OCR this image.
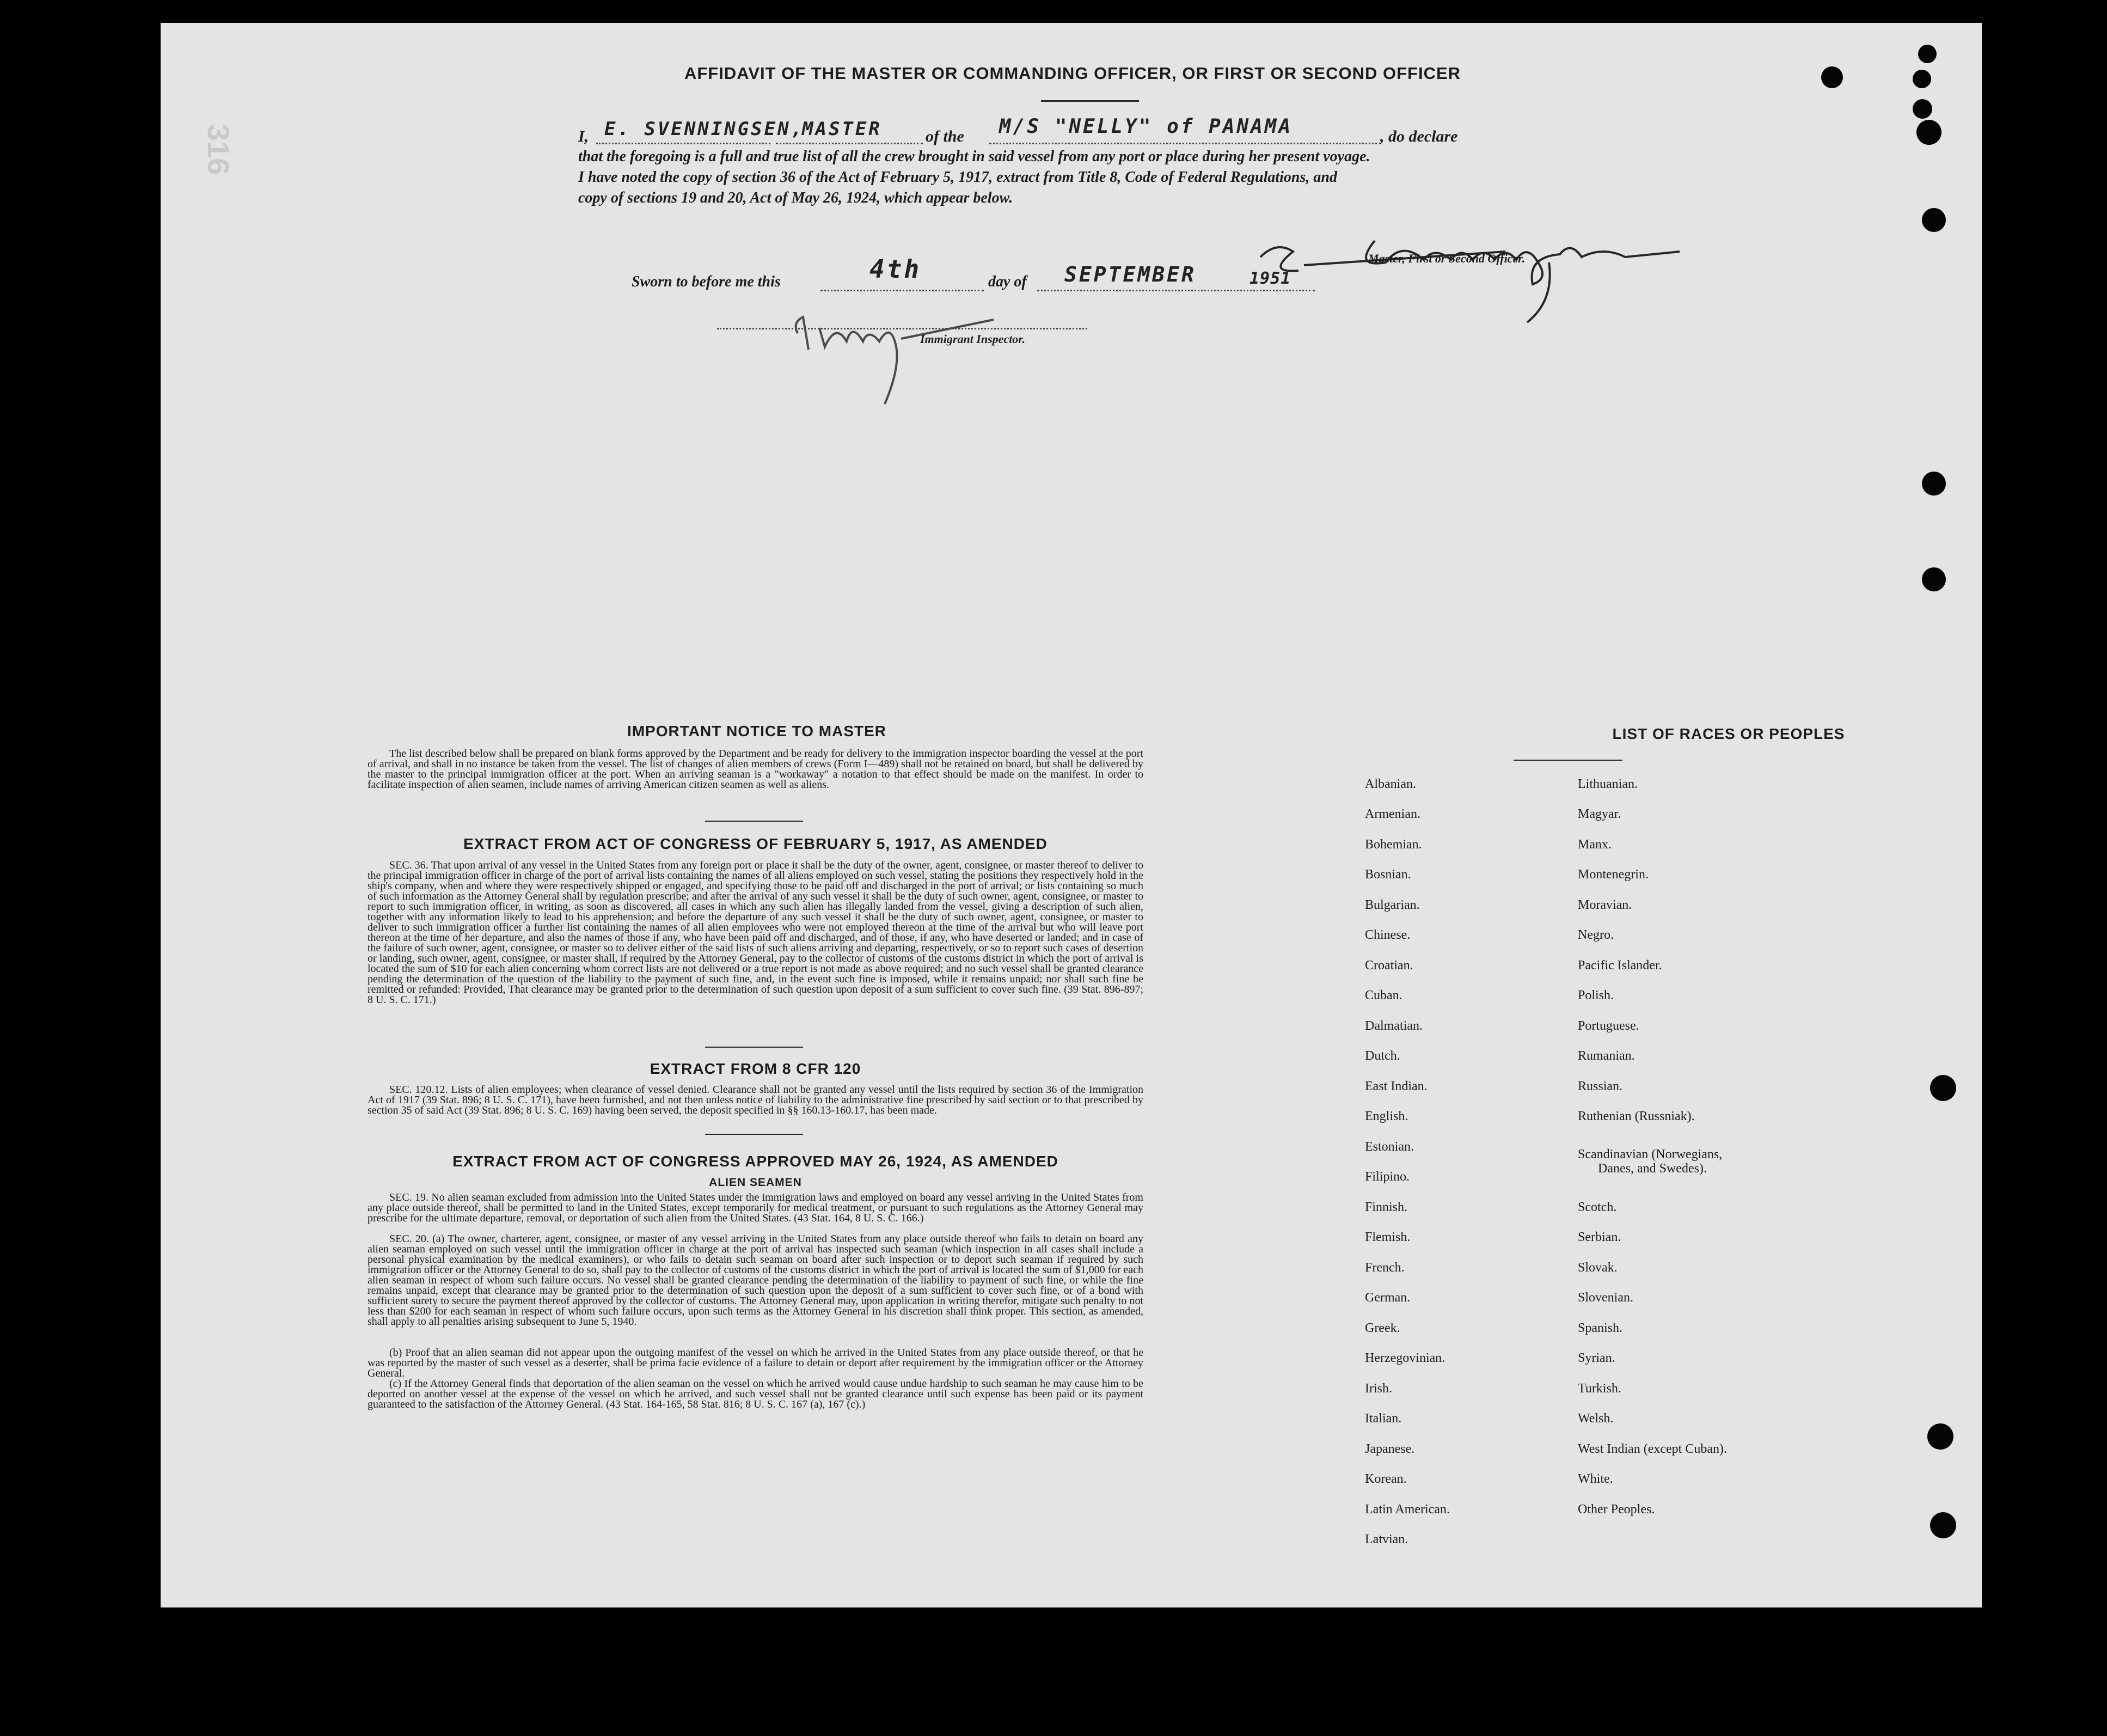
316
AFFIDAVIT OF THE MASTER OR COMMANDING OFFICER, OR FIRST OR SECOND OFFICER
I, E. SVENNINGSEN,
MASTER	of the M/S "NELLY" of PANAMA	, do declare
that the foregoing is a full and true list of all the crew brought in said vessel from any port or place during her present voyage.
I have noted the copy of section 36 of the Act of February 5, 1917, extract from Title 8, Code of Federal Regulations, and
copy of sections 19 and 20, Act of May 26, 1924, which appear below.
Master, First or Second Officer.
Sworn to before me this	4th	day of SEPTEMBER	1951
Immigrant Inspector.
IMPORTANT NOTICE TO MASTER
The list described below shall be prepared on blank forms approved by the Department and be ready for delivery to the immigration inspector boarding the vessel at the port of arrival, and shall in no instance be taken from the vessel. The list of changes of alien members of crews (Form I—489) shall not be retained on board, but shall be delivered by the master to the principal immigration officer at the port. When an arriving seaman is a "workaway" a notation to that effect should be made on the manifest. In order to facilitate inspection of alien seamen, include names of arriving American citizen seamen as well as aliens.
EXTRACT FROM ACT OF CONGRESS OF FEBRUARY 5, 1917, AS AMENDED
SEC. 36. That upon arrival of any vessel in the United States from any foreign port or place it shall be the duty of the owner, agent, consignee, or master thereof to deliver to the principal immigration officer in charge of the port of arrival lists containing the names of all aliens employed on such vessel, stating the positions they respectively hold in the ship's company, when and where they were respectively shipped or engaged, and specifying those to be paid off and discharged in the port of arrival; or lists containing so much of such information as the Attorney General shall by regulation prescribe; and after the arrival of any such vessel it shall be the duty of such owner, agent, consignee, or master to report to such immigration officer, in writing, as soon as discovered, all cases in which any such alien has illegally landed from the vessel, giving a description of such alien, together with any information likely to lead to his apprehension; and before the departure of any such vessel it shall be the duty of such owner, agent, consignee, or master to deliver to such immigration officer a further list containing the names of all alien employees who were not employed thereon at the time of the arrival but who will leave port thereon at the time of her departure, and also the names of those if any, who have been paid off and discharged, and of those, if any, who have deserted or landed; and in case of the failure of such owner, agent, consignee, or master so to deliver either of the said lists of such aliens arriving and departing, respectively, or so to report such cases of desertion or landing, such owner, agent, consignee, or master shall, if required by the Attorney General, pay to the collector of customs of the customs district in which the port of arrival is located the sum of $10 for each alien concerning whom correct lists are not delivered or a true report is not made as above required; and no such vessel shall be granted clearance pending the determination of the question of the liability to the payment of such fine, and, in the event such fine is imposed, while it remains unpaid; nor shall such fine be remitted or refunded: Provided, That clearance may be granted prior to the determination of such question upon deposit of a sum sufficient to cover such fine. (39 Stat. 896-897; 8 U. S. C. 171.)
EXTRACT FROM 8 CFR 120
SEC. 120.12. Lists of alien employees; when clearance of vessel denied. Clearance shall not be granted any vessel until the lists required by section 36 of the Immigration Act of 1917 (39 Stat. 896; 8 U. S. C. 171), have been furnished, and not then unless notice of liability to the administrative fine prescribed by said section or to that prescribed by section 35 of said Act (39 Stat. 896; 8 U. S. C. 169) having been served, the deposit specified in §§ 160.13-160.17, has been made.
EXTRACT FROM ACT OF CONGRESS APPROVED MAY 26, 1924, AS AMENDED
ALIEN SEAMEN
SEC. 19. No alien seaman excluded from admission into the United States under the immigration laws and employed on board any vessel arriving in the United States from any place outside thereof, shall be permitted to land in the United States, except temporarily for medical treatment, or pursuant to such regulations as the Attorney General may prescribe for the ultimate departure, removal, or deportation of such alien from the United States. (43 Stat. 164, 8 U. S. C. 166.)
SEC. 20. (a) The owner, charterer, agent, consignee, or master of any vessel arriving in the United States from any place outside thereof who fails to detain on board any alien seaman employed on such vessel until the immigration officer in charge at the port of arrival has inspected such seaman (which inspection in all cases shall include a personal physical examination by the medical examiners), or who fails to detain such seaman on board after such inspection or to deport such seaman if required by such immigration officer or the Attorney General to do so, shall pay to the collector of customs of the customs district in which the port of arrival is located the sum of $1,000 for each alien seaman in respect of whom such failure occurs. No vessel shall be granted clearance pending the determination of the liability to payment of such fine, or while the fine remains unpaid, except that clearance may be granted prior to the determination of such question upon the deposit of a sum sufficient to cover such fine, or of a bond with sufficient surety to secure the payment thereof approved by the collector of customs. The Attorney General may, upon application in writing therefor, mitigate such penalty to not less than $200 for each seaman in respect of whom such failure occurs, upon such terms as the Attorney General in his discretion shall think proper. This section, as amended, shall apply to all penalties arising subsequent to June 5, 1940.
(b) Proof that an alien seaman did not appear upon the outgoing manifest of the vessel on which he arrived in the United States from any place outside thereof, or that he was reported by the master of such vessel as a deserter, shall be prima facie evidence of a failure to detain or deport after requirement by the immigration officer or the Attorney General.
(c) If the Attorney General finds that deportation of the alien seaman on the vessel on which he arrived would cause undue hardship to such seaman he may cause him to be deported on another vessel at the expense of the vessel on which he arrived, and such vessel shall not be granted clearance until such expense has been paid or its payment guaranteed to the satisfaction of the Attorney General. (43 Stat. 164-165, 58 Stat. 816; 8 U. S. C. 167 (a), 167 (c).)
LIST OF RACES OR PEOPLES
Albanian.
Armenian.
Bohemian.
Bosnian.
Bulgarian.
Chinese.
Croatian.
Cuban.
Dalmatian.
Dutch.
East Indian.
English.
Estonian.
Filipino.
Finnish.
Flemish.
French.
German.
Greek.
Herzegovinian.
Irish.
Italian.
Japanese.
Korean.
Latin American.
Latvian.
Lithuanian.
Magyar.
Manx.
Montenegrin.
Moravian.
Negro.
Pacific Islander.
Polish.
Portuguese.
Rumanian.
Russian.
Ruthenian (Russniak).
Scandinavian (Norwegians,
Danes, and Swedes).
Scotch.
Serbian.
Slovak.
Slovenian.
Spanish.
Syrian.
Turkish.
Welsh.
West Indian (except Cuban).
White.
Other Peoples.
